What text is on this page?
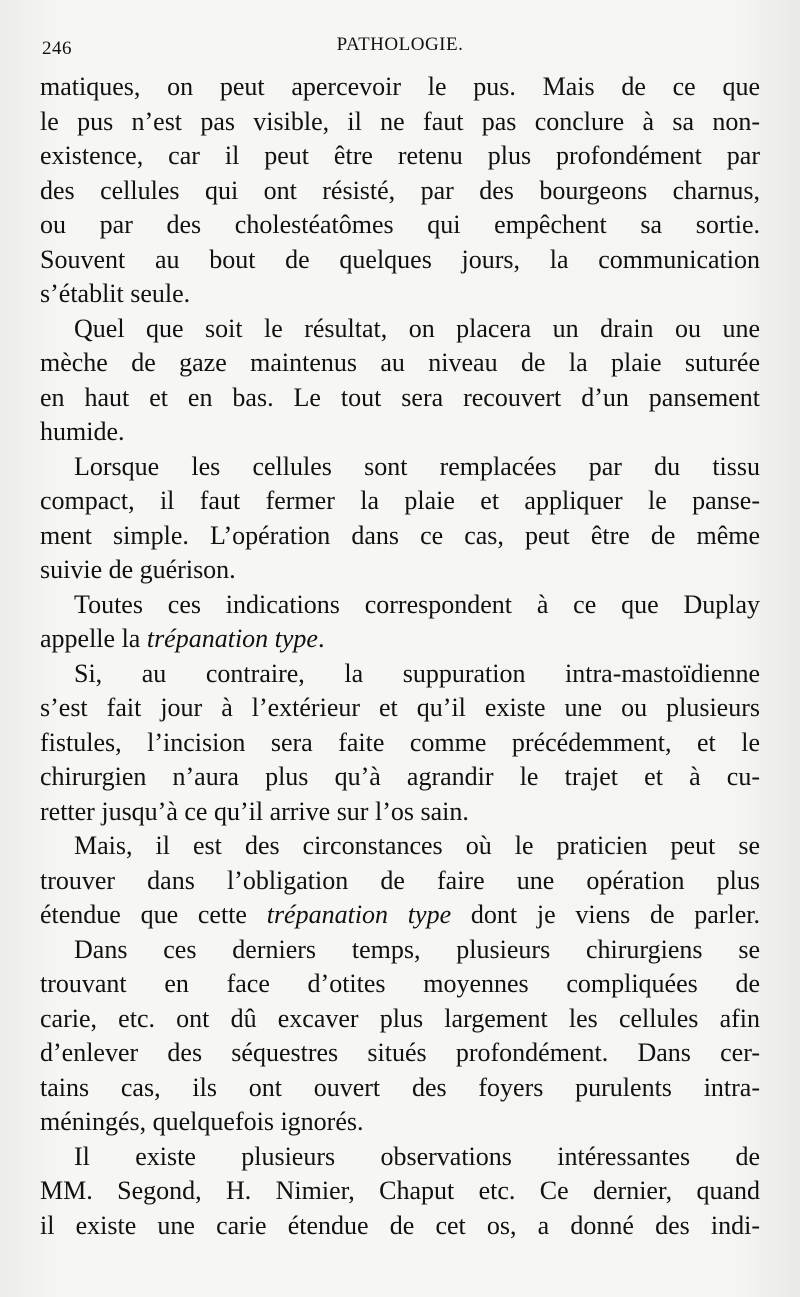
246	PATHOLOGIE.
matiques, on peut apercevoir le pus. Mais de ce que
le pus n’est pas visible, il ne faut pas conclure à sa non-
existence, car il peut être retenu plus profondément par
des cellules qui ont résisté, par des bourgeons charnus,
ou par des cholestéatômes qui empêchent sa sortie.
Souvent au bout de quelques jours, la communication
s’établit seule.
Quel que soit le résultat, on placera un drain ou une
mèche de gaze maintenus au niveau de la plaie suturée
en haut et en bas. Le tout sera recouvert d’un pansement
humide.
Lorsque les cellules sont remplacées par du tissu
compact, il faut fermer la plaie et appliquer le panse-
ment simple. L’opération dans ce cas, peut être de même
suivie de guérison.
Toutes ces indications correspondent à ce que Duplay
appelle la trépanation type.
Si, au contraire, la suppuration intra-mastoïdienne
s’est fait jour à l’extérieur et qu’il existe une ou plusieurs
fistules, l’incision sera faite comme précédemment, et le
chirurgien n’aura plus qu’à agrandir le trajet et à cu-
retter jusqu’à ce qu’il arrive sur l’os sain.
Mais, il est des circonstances où le praticien peut se
trouver dans l’obligation de faire une opération plus
étendue que cette trépanation type dont je viens de parler.
Dans ces derniers temps, plusieurs chirurgiens se
trouvant en face d’otites moyennes compliquées de
carie, etc. ont dû excaver plus largement les cellules afin
d’enlever des séquestres situés profondément. Dans cer-
tains cas, ils ont ouvert des foyers purulents intra-
méningés, quelquefois ignorés.
Il existe plusieurs observations intéressantes de
MM. Segond, H. Nimier, Chaput etc. Ce dernier, quand
il existe une carie étendue de cet os, a donné des indi-
